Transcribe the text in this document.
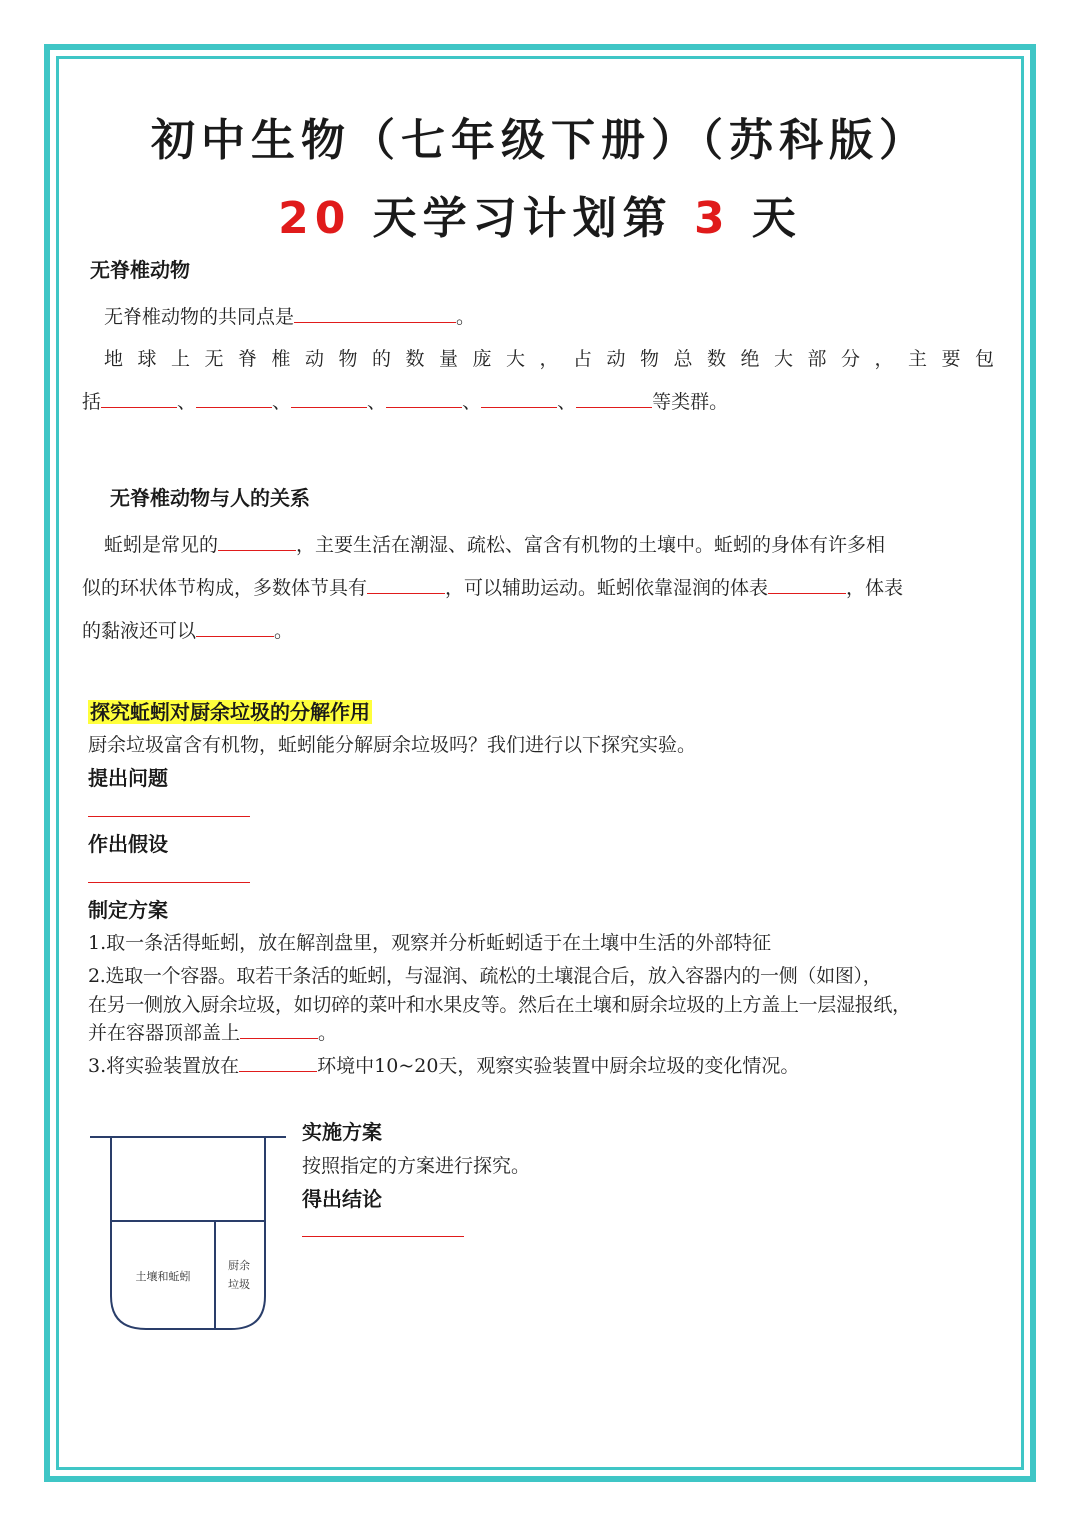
初中生物（七年级下册）（苏科版）
20 天学习计划第 3 天
无脊椎动物
无脊椎动物的共同点是	。
地球上无脊椎动物的数量庞大，占动物总数绝大部分，主要包
括	、	、	、	、	、	等类群。
无脊椎动物与人的关系
蚯蚓是常见的	，主要生活在潮湿、疏松、富含有机物的土壤中。蚯蚓的身体有许多相
似的环状体节构成，多数体节具有	，可以辅助运动。蚯蚓依靠湿润的体表	，体表
的黏液还可以	。
探究蚯蚓对厨余垃圾的分解作用
厨余垃圾富含有机物，蚯蚓能分解厨余垃圾吗？我们进行以下探究实验。
提出问题
作出假设
制定方案
1.取一条活得蚯蚓，放在解剖盘里，观察并分析蚯蚓适于在土壤中生活的外部特征
2.选取一个容器。取若干条活的蚯蚓，与湿润、疏松的土壤混合后，放入容器内的一侧（如图），
在另一侧放入厨余垃圾，如切碎的菜叶和水果皮等。然后在土壤和厨余垃圾的上方盖上一层湿报纸，
并在容器顶部盖上	。
3.将实验装置放在	环境中10~20天，观察实验装置中厨余垃圾的变化情况。
土壤和蚯蚓
厨余
垃圾
实施方案
按照指定的方案进行探究。
得出结论
